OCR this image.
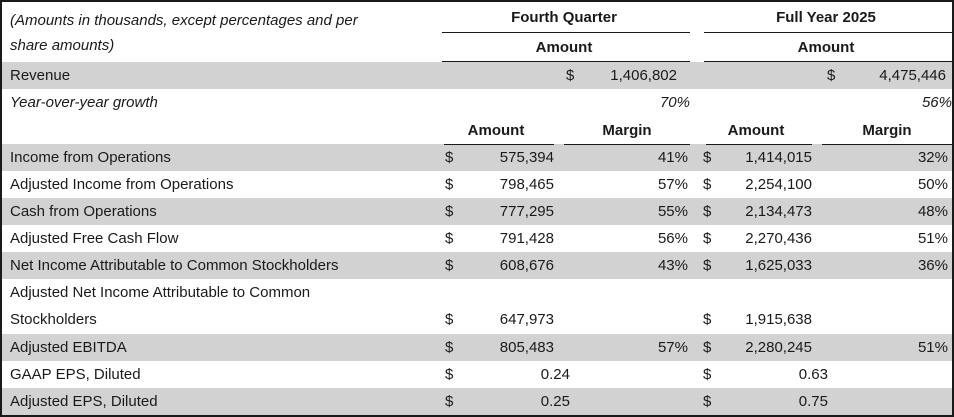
(Amounts in thousands, except percentages and per
share amounts)	Fourth Quarter				Full Year 2025		
	Amount				Amount		
Revenue	$ 1,406,802				$ 4,475,446		

Year-over-year growth	70%				56%		
	Amount		Margin		Amount		Margin
Income from Operations	$	575,394	41%		$	1,414,015	32%
Adjusted Income from Operations	$	798,465	57%		$	2,254,100	50%
Cash from Operations	$	777,295	55%		$	2,134,473	48%
Adjusted Free Cash Flow	$	791,428	56%		$	2,270,436	51%
Net Income Attributable to Common Stockholders	$	608,676	43%		$	1,625,033	36%
Adjusted Net Income Attributable to Common							
Stockholders	$	647,973			$	1,915,638	
Adjusted EBITDA	$	805,483	57%		$	2,280,245	51%
GAAP EPS, Diluted	$	0.24			$	0.63	
Adjusted EPS, Diluted	$	0.25			$	0.75	
